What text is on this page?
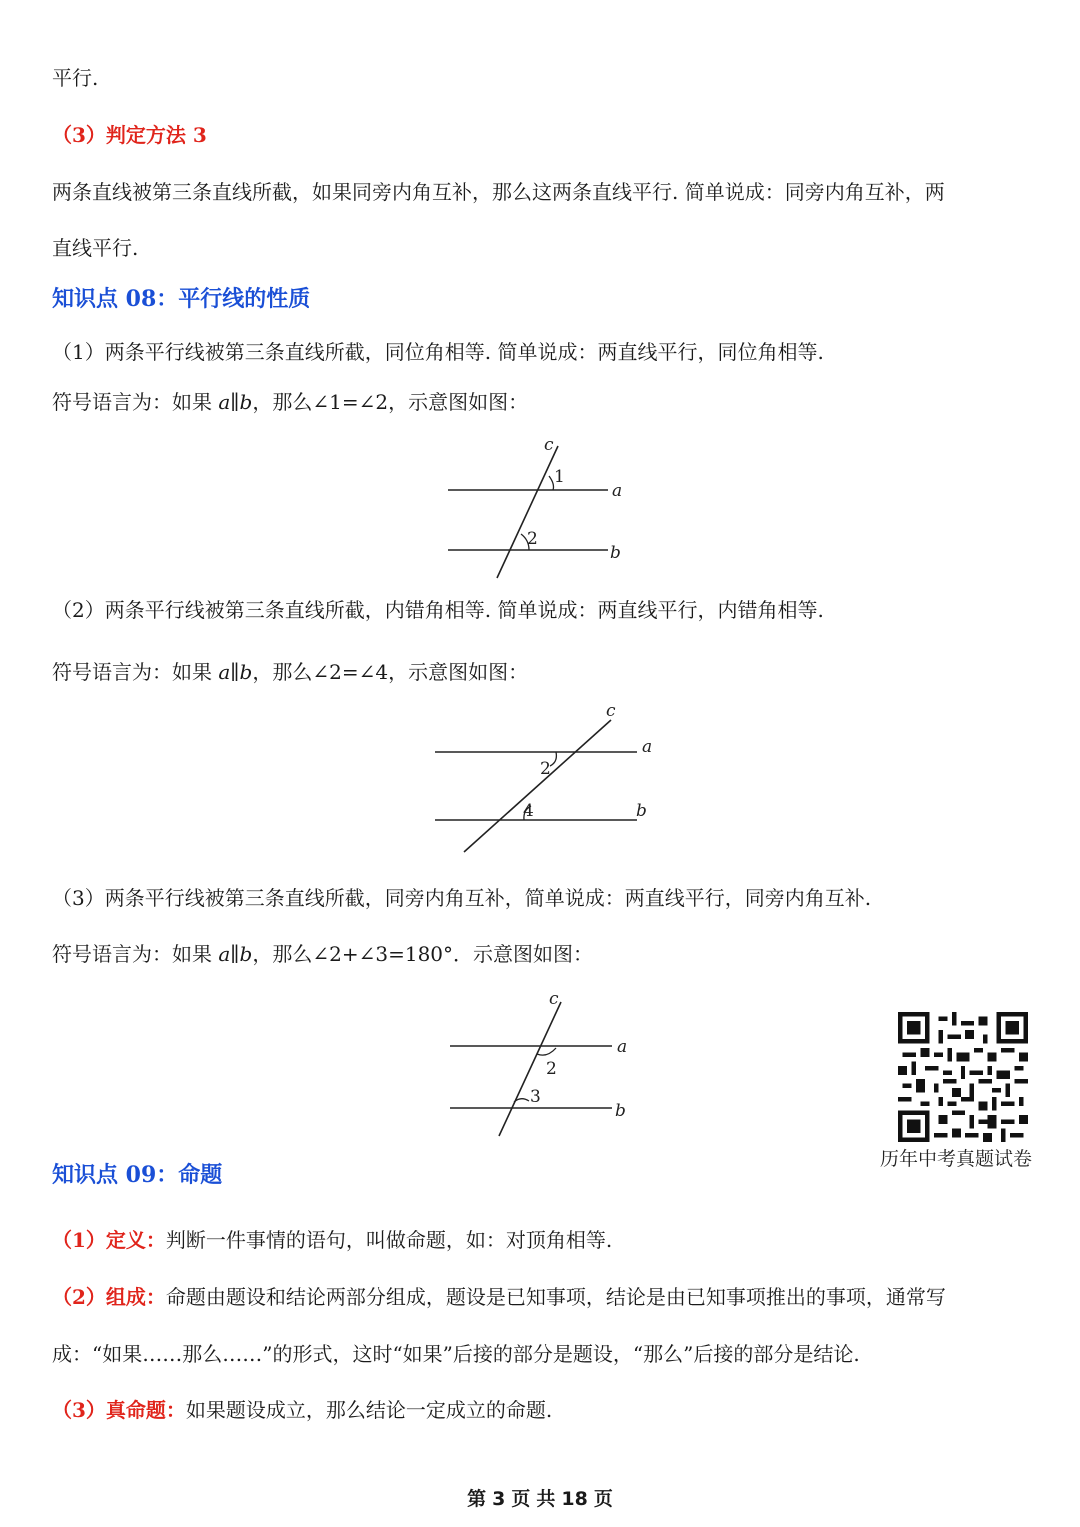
平行.
（3）判定方法 3
两条直线被第三条直线所截，如果同旁内角互补，那么这两条直线平行. 简单说成：同旁内角互补，两
直线平行.
知识点 08：平行线的性质
（1）两条平行线被第三条直线所截，同位角相等. 简单说成：两直线平行，同位角相等.
符号语言为：如果 a∥b，那么∠1=∠2，示意图如图：
c
a
b
1
2
（2）两条平行线被第三条直线所截，内错角相等. 简单说成：两直线平行，内错角相等.
符号语言为：如果 a∥b，那么∠2=∠4，示意图如图：
c
a
b
2
4
（3）两条平行线被第三条直线所截，同旁内角互补，简单说成：两直线平行，同旁内角互补.
符号语言为：如果 a∥b，那么∠2+∠3=180°．示意图如图：
c
a
b
2
3
历年中考真题试卷
知识点 09：命题
（1）定义：判断一件事情的语句，叫做命题，如：对顶角相等.
（2）组成：命题由题设和结论两部分组成，题设是已知事项，结论是由已知事项推出的事项，通常写
成：“如果……那么……”的形式，这时“如果”后接的部分是题设，“那么”后接的部分是结论.
（3）真命题：如果题设成立，那么结论一定成立的命题.
第 3 页 共 18 页
